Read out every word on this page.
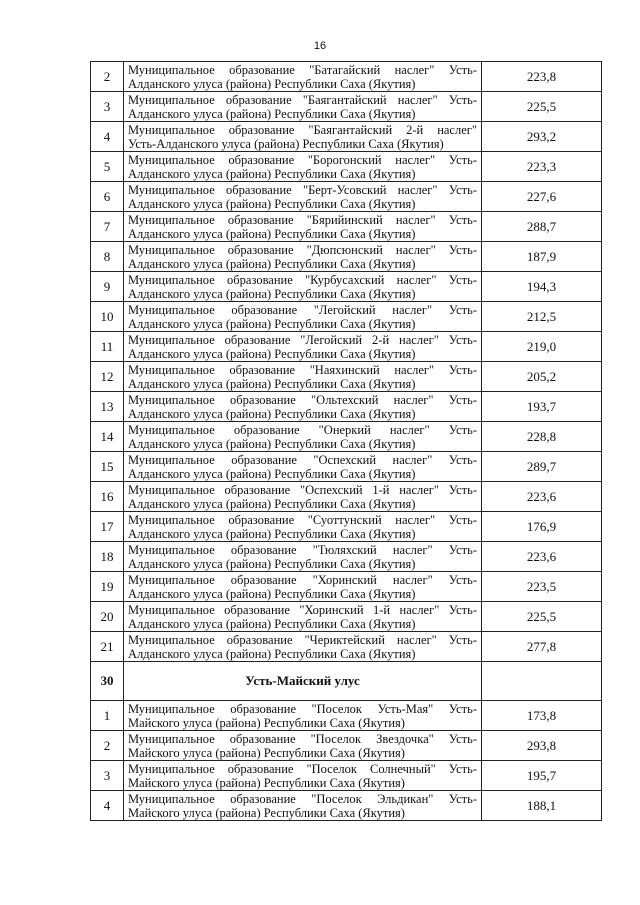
16
2	Муниципальное образование "Батагайский наслег" Усть-
Алданского улуса (района) Республики Саха (Якутия)	223,8
3	Муниципальное образование "Баягантайский наслег" Усть-
Алданского улуса (района) Республики Саха (Якутия)	225,5
4	Муниципальное образование "Баягантайский 2-й наслег"
Усть-Алданского улуса (района) Республики Саха (Якутия)	293,2
5	Муниципальное образование "Борогонский наслег" Усть-
Алданского улуса (района) Республики Саха (Якутия)	223,3
6	Муниципальное образование "Берт-Усовский наслег" Усть-
Алданского улуса (района) Республики Саха (Якутия)	227,6
7	Муниципальное образование "Бярийинский наслег" Усть-
Алданского улуса (района) Республики Саха (Якутия)	288,7
8	Муниципальное образование "Дюпсюнский наслег" Усть-
Алданского улуса (района) Республики Саха (Якутия)	187,9
9	Муниципальное образование "Курбусахский наслег" Усть-
Алданского улуса (района) Республики Саха (Якутия)	194,3
10	Муниципальное образование "Легойский наслег" Усть-
Алданского улуса (района) Республики Саха (Якутия)	212,5
11	Муниципальное образование "Легойский 2-й наслег" Усть-
Алданского улуса (района) Республики Саха (Якутия)	219,0
12	Муниципальное образование "Наяхинский наслег" Усть-
Алданского улуса (района) Республики Саха (Якутия)	205,2
13	Муниципальное образование "Ольтехский наслег" Усть-
Алданского улуса (района) Республики Саха (Якутия)	193,7
14	Муниципальное образование "Онеркий наслег" Усть-
Алданского улуса (района) Республики Саха (Якутия)	228,8
15	Муниципальное образование "Оспехский наслег" Усть-
Алданского улуса (района) Республики Саха (Якутия)	289,7
16	Муниципальное образование "Оспехский 1-й наслег" Усть-
Алданского улуса (района) Республики Саха (Якутия)	223,6
17	Муниципальное образование "Суоттунский наслег" Усть-
Алданского улуса (района) Республики Саха (Якутия)	176,9
18	Муниципальное образование "Тюляхский наслег" Усть-
Алданского улуса (района) Республики Саха (Якутия)	223,6
19	Муниципальное образование "Хоринский наслег" Усть-
Алданского улуса (района) Республики Саха (Якутия)	223,5
20	Муниципальное образование "Хоринский 1-й наслег" Усть-
Алданского улуса (района) Республики Саха (Якутия)	225,5
21	Муниципальное образование "Чериктейский наслег" Усть-
Алданского улуса (района) Республики Саха (Якутия)	277,8
30	Усть-Майский улус	
1	Муниципальное образование "Поселок Усть-Мая" Усть-
Майского улуса (района) Республики Саха (Якутия)	173,8
2	Муниципальное образование "Поселок Звездочка" Усть-
Майского улуса (района) Республики Саха (Якутия)	293,8
3	Муниципальное образование "Поселок Солнечный" Усть-
Майского улуса (района) Республики Саха (Якутия)	195,7
4	Муниципальное образование "Поселок Эльдикан" Усть-
Майского улуса (района) Республики Саха (Якутия)	188,1
